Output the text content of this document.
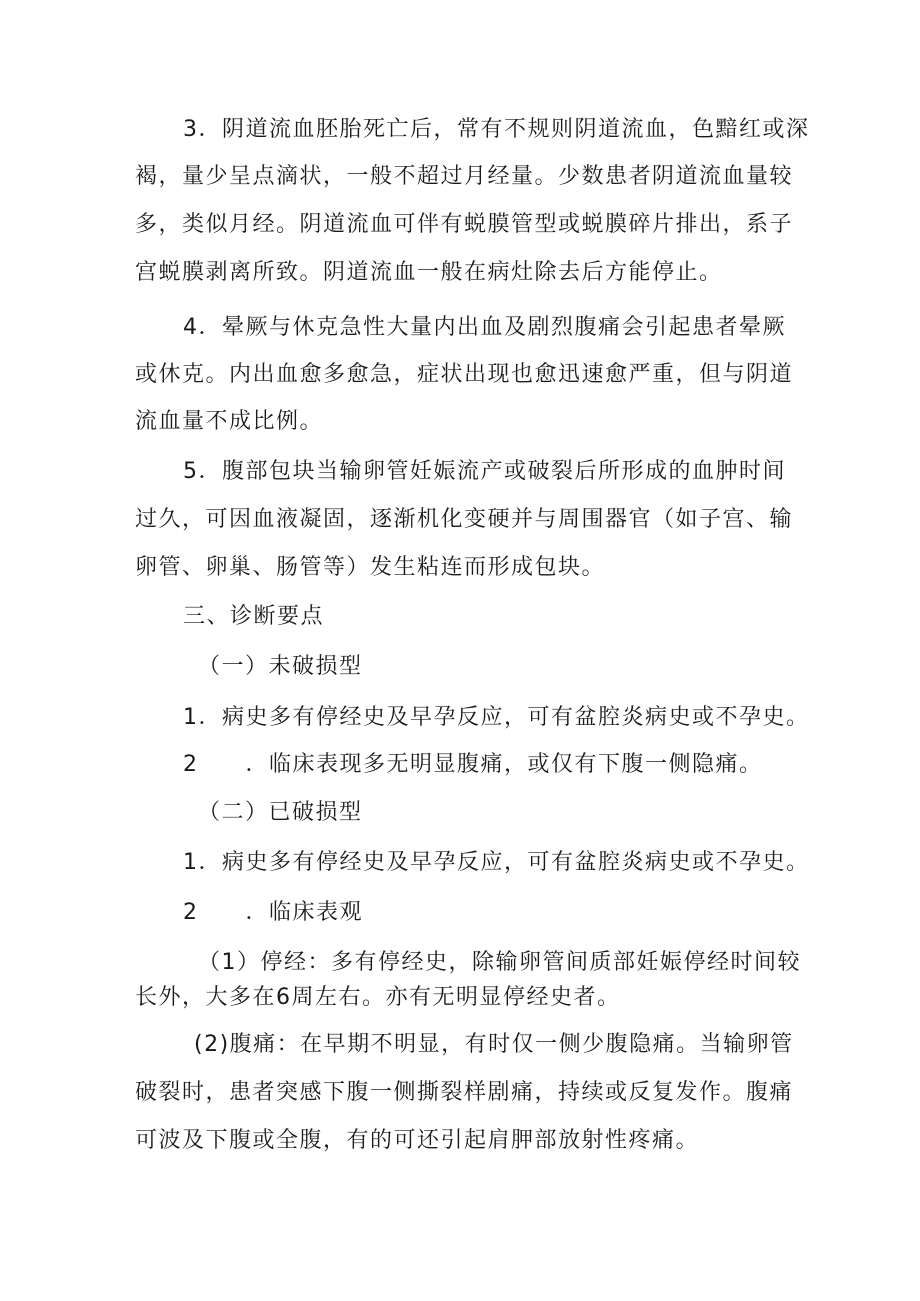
3．阴道流血胚胎死亡后，常有不规则阴道流血，色黯红或深
褐，量少呈点滴状，一般不超过月经量。少数患者阴道流血量较
多，类似月经。阴道流血可伴有蜕膜管型或蜕膜碎片排出，系子
宫蜕膜剥离所致。阴道流血一般在病灶除去后方能停止。
4．晕厥与休克急性大量内出血及剧烈腹痛会引起患者晕厥
或休克。内出血愈多愈急，症状出现也愈迅速愈严重，但与阴道
流血量不成比例。
5．腹部包块当输卵管妊娠流产或破裂后所形成的血肿时间
过久，可因血液凝固，逐渐机化变硬并与周围器官（如子宫、输
卵管、卵巢、肠管等）发生粘连而形成包块。
三、诊断要点
（一）未破损型
1．病史多有停经史及早孕反应，可有盆腔炎病史或不孕史。
2　　．临床表现多无明显腹痛，或仅有下腹一侧隐痛。
（二）已破损型
1．病史多有停经史及早孕反应，可有盆腔炎病史或不孕史。
2　　．临床表观
（1）停经：多有停经史，除输卵管间质部妊娠停经时间较
长外，大多在6周左右。亦有无明显停经史者。
(2)腹痛：在早期不明显，有时仅一侧少腹隐痛。当输卵管
破裂时，患者突感下腹一侧撕裂样剧痛，持续或反复发作。腹痛
可波及下腹或全腹，有的可还引起肩胛部放射性疼痛。
